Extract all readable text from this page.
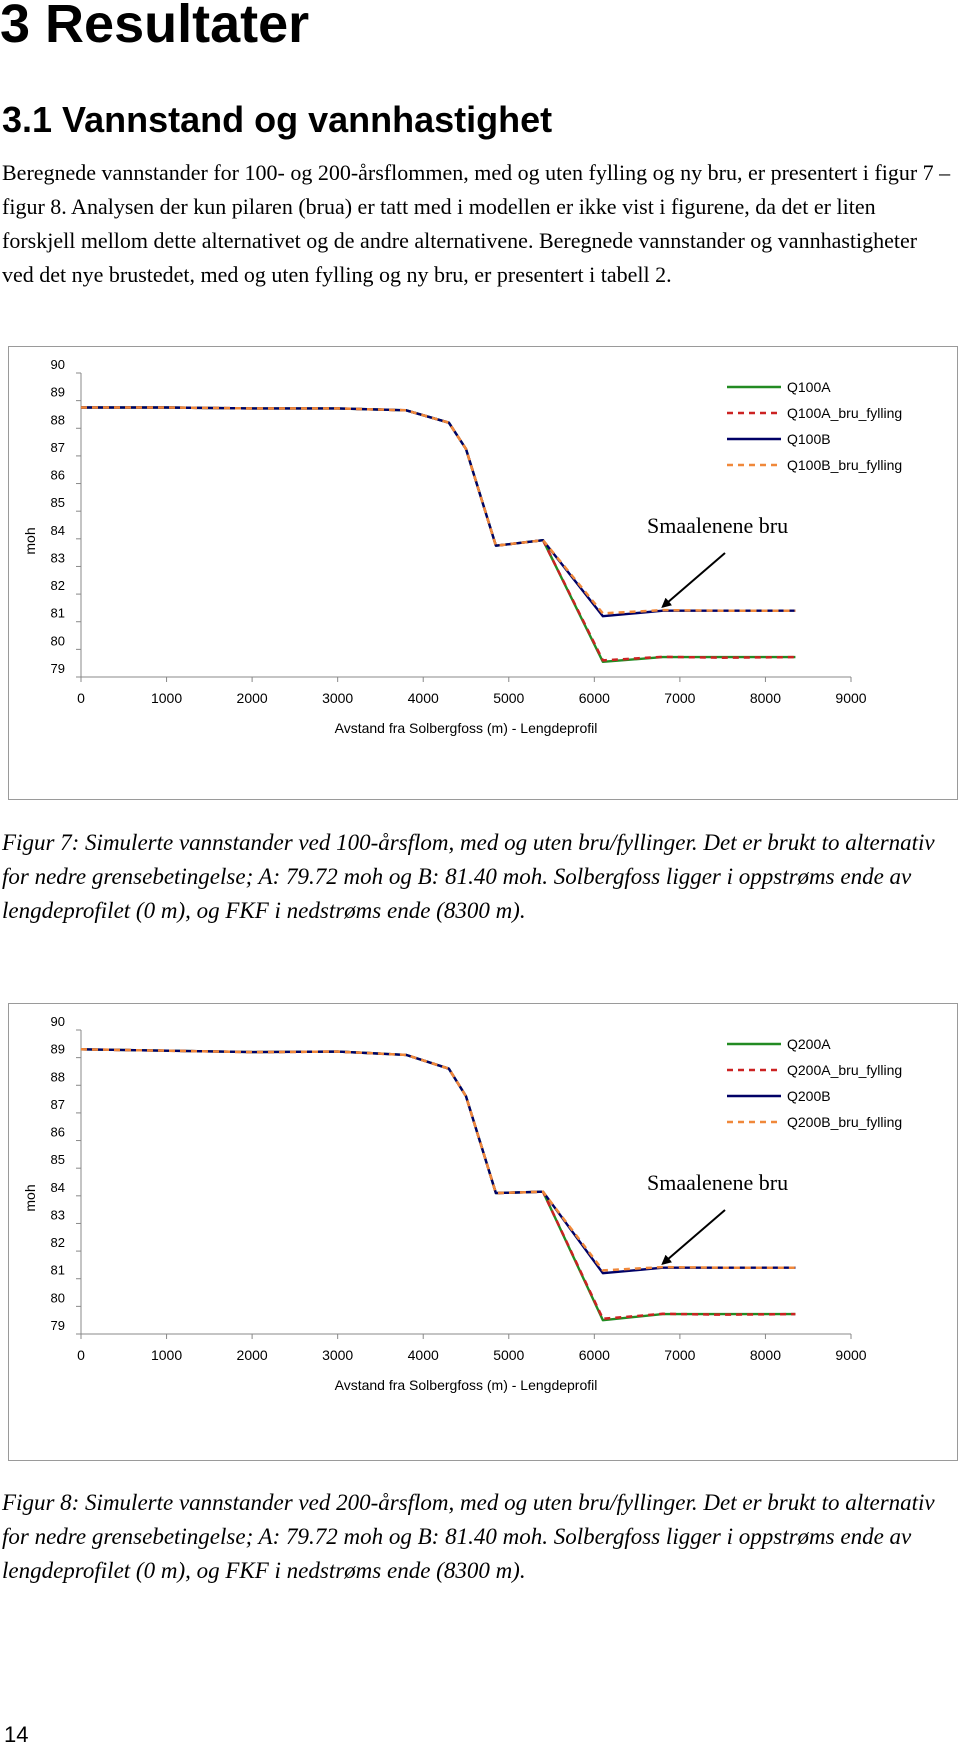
3 Resultater
3.1 Vannstand og vannhastighet

Beregnede vannstander for 100- og 200-årsflommen, med og uten fylling og ny bru, er presentert i figur 7 – figur 8. Analysen der kun pilaren (brua) er tatt med i modellen er ikke vist i figurene, da det er liten forskjell mellom dette alternativet og de andre alternativene. Beregnede vannstander og vannhastigheter ved det nye brustedet, med og uten fylling og ny bru, er presentert i tabell 2.

79
80
81
82
83
84
85
86
87
88
89
90
0	1000	2000	3000	4000	5000	6000	7000	8000	9000
Avstand fra Solbergfoss (m) - Lengdeprofil
moh
Q100A
Q100A_bru_fylling
Q100B
Q100B_bru_fylling
Smaalenene bru

Figur 7: Simulerte vannstander ved 100-årsflom, med og uten bru/fyllinger. Det er brukt to alternativ for nedre grensebetingelse; A: 79.72 moh og B: 81.40 moh. Solbergfoss ligger i oppstrøms ende av lengdeprofilet (0 m), og FKF i nedstrøms ende (8300 m).

79
80
81
82
83
84
85
86
87
88
89
90
0	1000	2000	3000	4000	5000	6000	7000	8000	9000
Avstand fra Solbergfoss (m) - Lengdeprofil
moh
Q200A
Q200A_bru_fylling
Q200B
Q200B_bru_fylling
Smaalenene bru

Figur 8: Simulerte vannstander ved 200-årsflom, med og uten bru/fyllinger. Det er brukt to alternativ for nedre grensebetingelse; A: 79.72 moh og B: 81.40 moh. Solbergfoss ligger i oppstrøms ende av lengdeprofilet (0 m), og FKF i nedstrøms ende (8300 m).

14
